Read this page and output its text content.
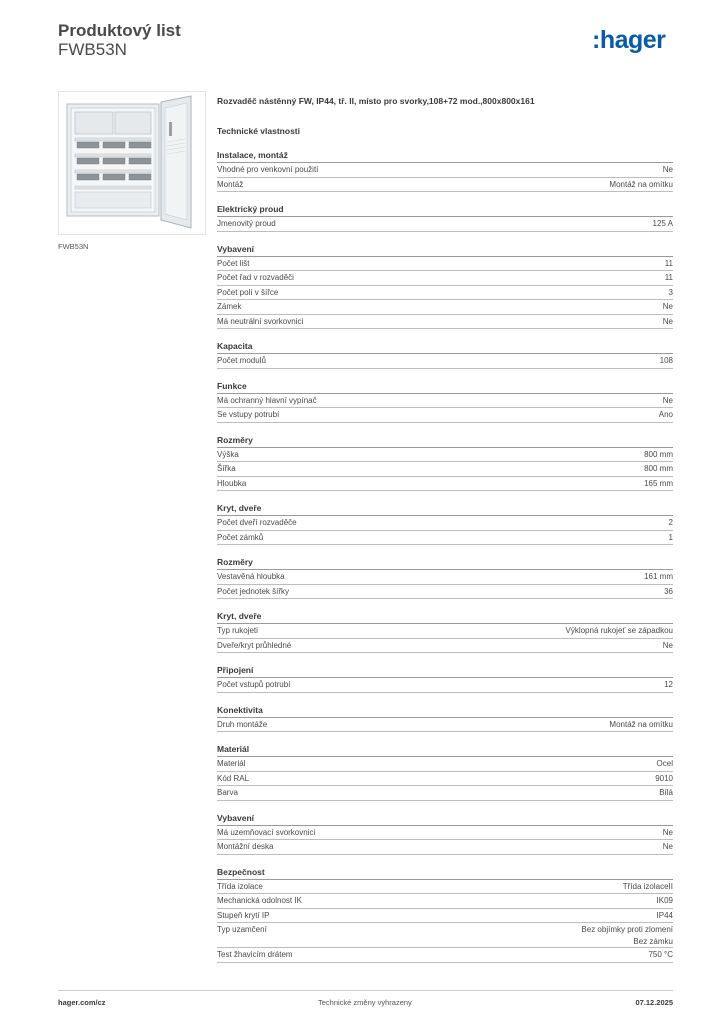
Produktový list
FWB53N	:hager
FWB53N
Rozvaděč nástěnný FW, IP44, tř. II, místo pro svorky,108+72 mod.,800x800x161
Technické vlastnosti
Instalace, montáž
Vhodné pro venkovní použití	Ne
Montáž	Montáž na omítku
Elektrický proud
Jmenovitý proud	125 A
Vybavení
Počet lišt	11
Počet řad v rozvaděči	11
Počet polí v šířce	3
Zámek	Ne
Má neutrální svorkovnici	Ne
Kapacita
Počet modulů	108
Funkce
Má ochranný hlavní vypínač	Ne
Se vstupy potrubí	Ano
Rozměry
Výška	800 mm
Šířka	800 mm
Hloubka	165 mm
Kryt, dveře
Počet dveří rozvaděče	2
Počet zámků	1
Rozměry
Vestavěná hloubka	161 mm
Počet jednotek šířky	36
Kryt, dveře
Typ rukojeti	Výklopná rukojeť se západkou
Dveře/kryt průhledné	Ne
Připojení
Počet vstupů potrubí	12
Konektivita
Druh montáže	Montáž na omítku
Materiál
Materiál	Ocel
Kód RAL	9010
Barva	Bílá
Vybavení
Má uzemňovací svorkovnici	Ne
Montážní deska	Ne
Bezpečnost
Třída izolace	Třída izolaceII
Mechanická odolnost IK	IK09
Stupeň krytí IP	IP44
Typ uzamčení	Bez objímky proti zlomení
Bez zámku
Test žhavicím drátem	750 °C
hager.com/cz	Technické změny vyhrazeny	07.12.2025
